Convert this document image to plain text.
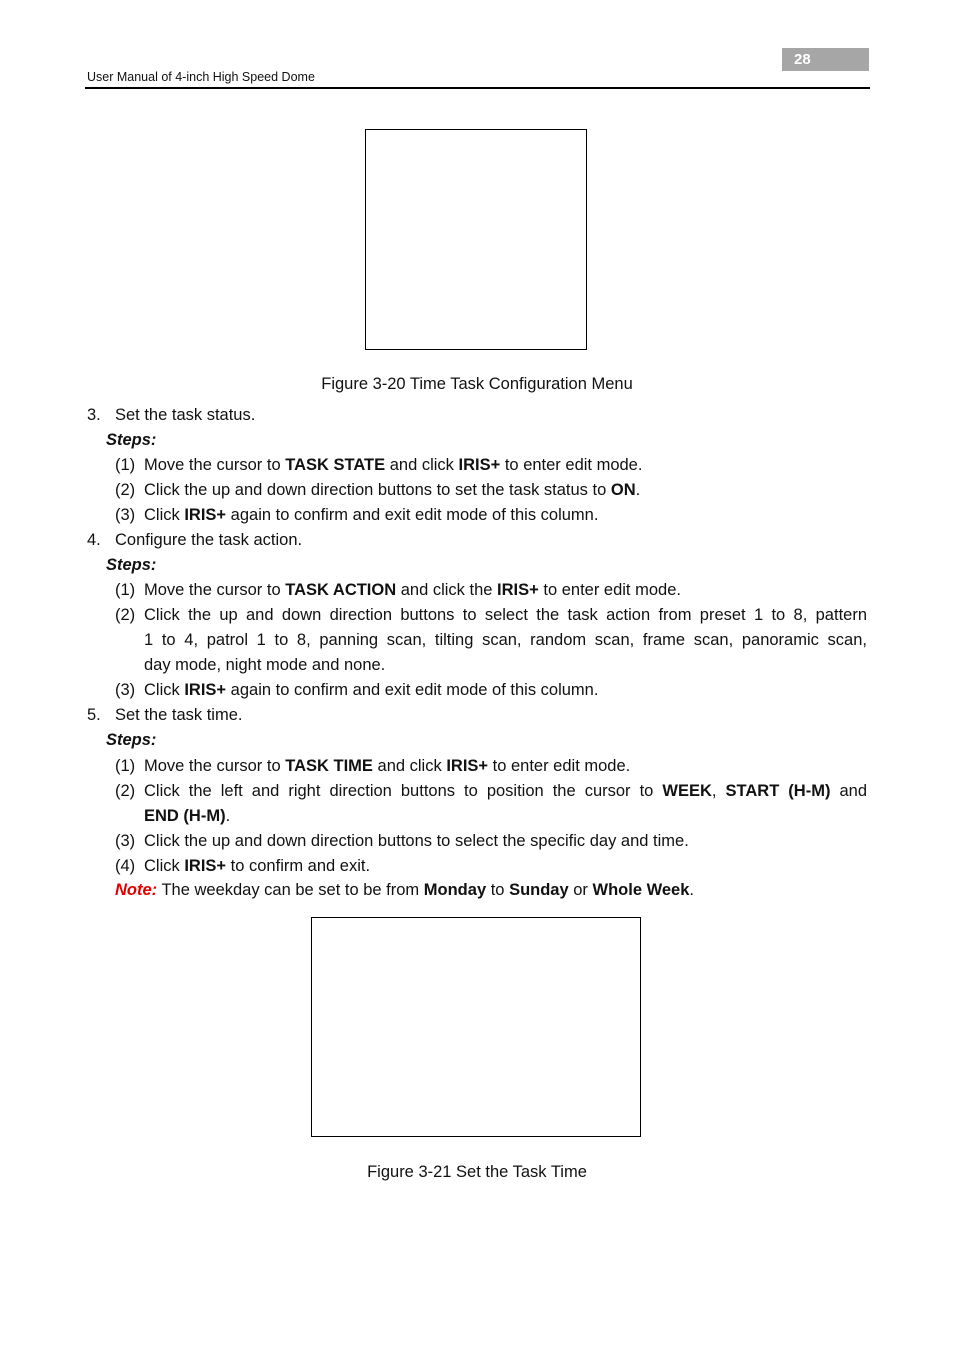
28
User Manual of 4-inch High Speed Dome
Figure 3-20 Time Task Configuration Menu
3. Set the task status.
Steps:
(1) Move the cursor to TASK STATE and click IRIS+ to enter edit mode.
(2) Click the up and down direction buttons to set the task status to ON.
(3) Click IRIS+ again to confirm and exit edit mode of this column.
4. Configure the task action.
Steps:
(1) Move the cursor to TASK ACTION and click the IRIS+ to enter edit mode.
(2) Click the up and down direction buttons to select the task action from preset 1 to 8, pattern
1 to 4, patrol 1 to 8, panning scan, tilting scan, random scan, frame scan, panoramic scan,
day mode, night mode and none.
(3) Click IRIS+ again to confirm and exit edit mode of this column.
5. Set the task time.
Steps:
(1) Move the cursor to TASK TIME and click IRIS+ to enter edit mode.
(2) Click the left and right direction buttons to position the cursor to WEEK, START (H-M) and
END (H-M).
(3) Click the up and down direction buttons to select the specific day and time.
(4) Click IRIS+ to confirm and exit.
Note: The weekday can be set to be from Monday to Sunday or Whole Week.
Figure 3-21 Set the Task Time
